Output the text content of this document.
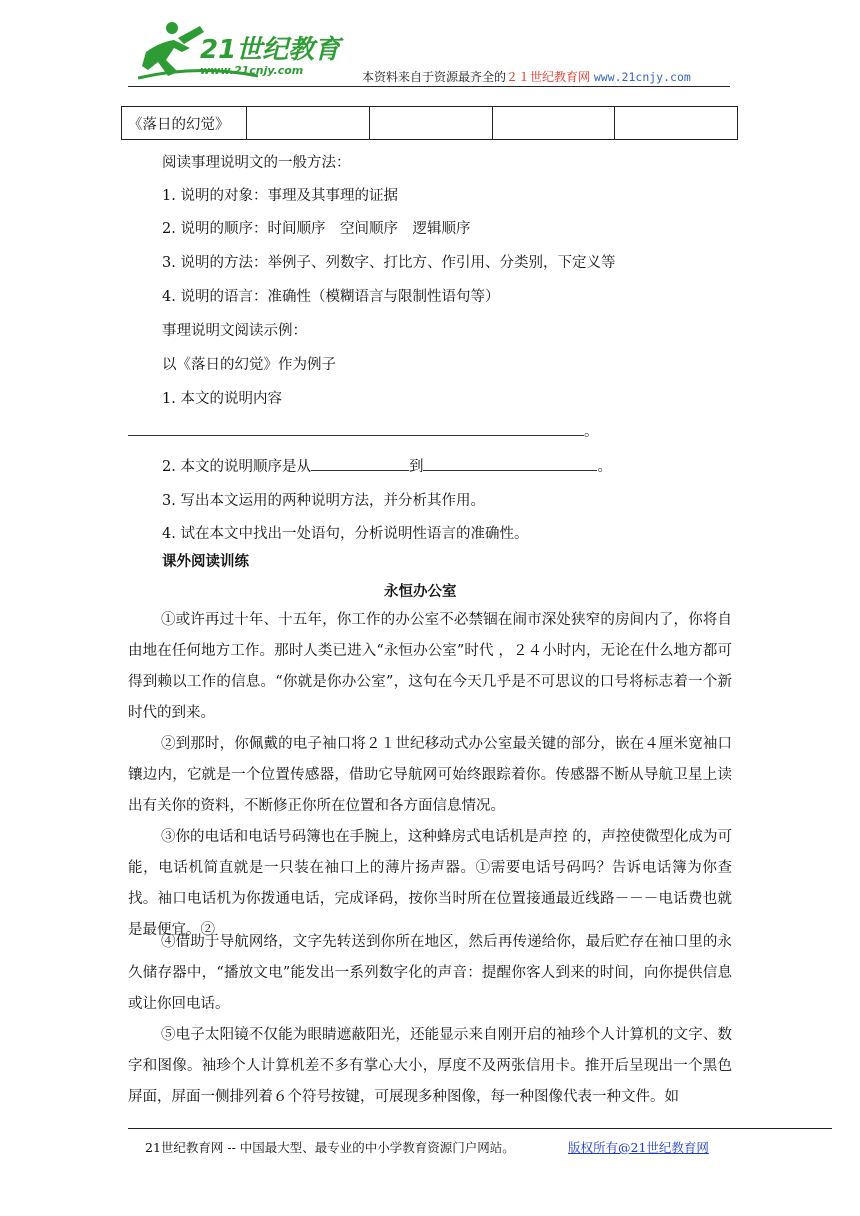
21世纪教育
www.21cnjy.com	本资料来自于资源最齐全的２１世纪教育网 www.21cnjy.com
《落日的幻觉》				
阅读事理说明文的一般方法：
1. 说明的对象：事理及其事理的证据
2. 说明的顺序：时间顺序　空间顺序　逻辑顺序
3. 说明的方法：举例子、列数字、打比方、作引用、分类别，下定义等
4. 说明的语言：准确性（模糊语言与限制性语句等）
事理说明文阅读示例：
以《落日的幻觉》作为例子
1. 本文的说明内容
。
2. 本文的说明顺序是从	到	。
3. 写出本文运用的两种说明方法，并分析其作用。
4. 试在本文中找出一处语句，分析说明性语言的准确性。
课外阅读训练
永恒办公室

①或许再过十年、十五年，你工作的办公室不必禁锢在闹市深处狭窄的房间内了，你将自由地在任何地方工作。那时人类已进入“永恒办公室”时代 ，２４小时内，无论在什么地方都可得到赖以工作的信息。“你就是你办公室”，这句在今天几乎是不可思议的口号将标志着一个新时代的到来。

②到那时，你佩戴的电子袖口将２１世纪移动式办公室最关键的部分，嵌在４厘米宽袖口镶边内，它就是一个位置传感器，借助它导航网可始终跟踪着你。传感器不断从导航卫星上读出有关你的资料，不断修正你所在位置和各方面信息情况。

③你的电话和电话号码簿也在手腕上，这种蜂房式电话机是声控 的，声控使微型化成为可能，电话机简直就是一只装在袖口上的薄片扬声器。①需要电话号码吗？告诉电话簿为你查找。袖口电话机为你拨通电话，完成译码，按你当时所在位置接通最近线路－－－电话费也就是最便宜。②

④借助于导航网络，文字先转送到你所在地区，然后再传递给你，最后贮存在袖口里的永久储存器中，“播放文电”能发出一系列数字化的声音：提醒你客人到来的时间，向你提供信息或让你回电话。

⑤电子太阳镜不仅能为眼睛遮蔽阳光，还能显示来自刚开启的袖珍个人计算机的文字、数字和图像。袖珍个人计算机差不多有掌心大小，厚度不及两张信用卡。推开后呈现出一个黑色屏面，屏面一侧排列着６个符号按键，可展现多种图像，每一种图像代表一种文件。如

21世纪教育网 -- 中国最大型、最专业的中小学教育资源门户网站。	版权所有@21世纪教育网
